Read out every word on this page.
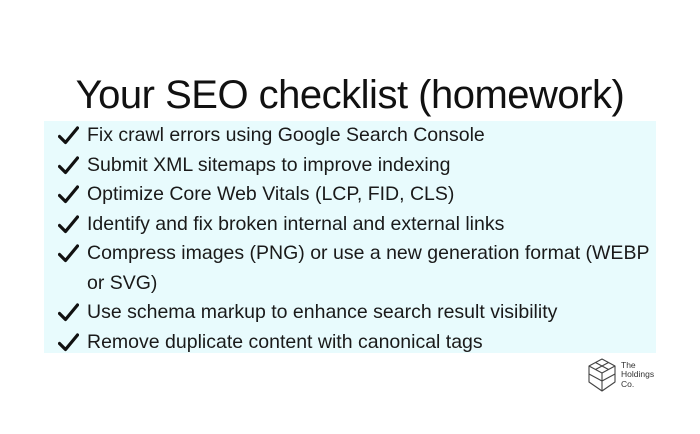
Your SEO checklist (homework)
Fix crawl errors using Google Search Console
Submit XML sitemaps to improve indexing
Optimize Core Web Vitals (LCP, FID, CLS)
Identify and fix broken internal and external links
Compress images (PNG) or use a new generation format (WEBP or SVG)
Use schema markup to enhance search result visibility
Remove duplicate content with canonical tags
The
Holdings
Co.
